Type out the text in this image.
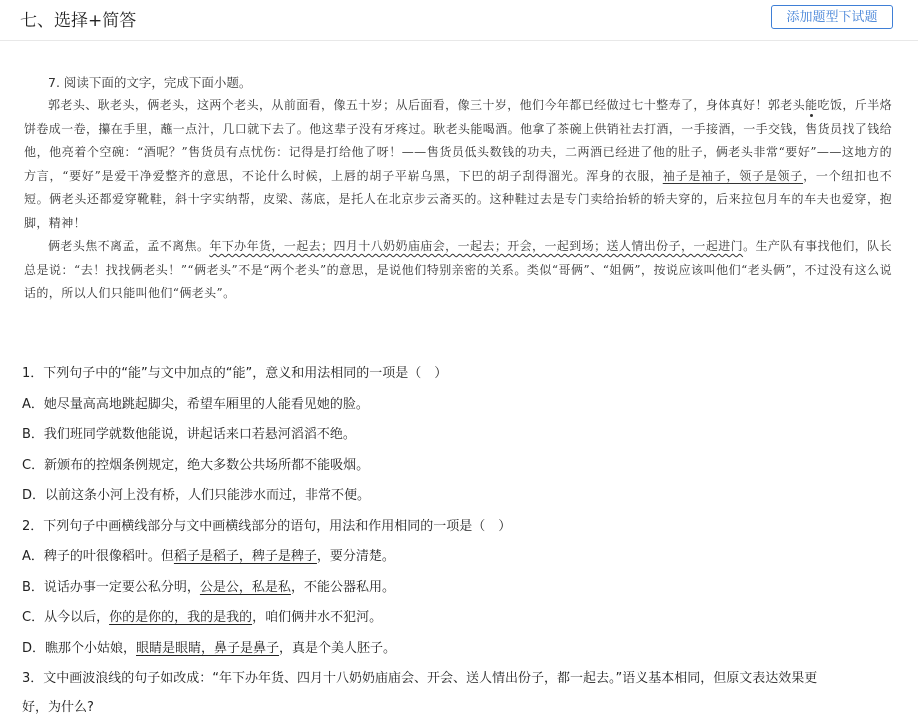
七、选择+简答	添加题型下试题
7. 阅读下面的文字，完成下面小题。

郭老头、耿老头，俩老头，这两个老头，从前面看，像五十岁；从后面看，像三十岁，他们今年都已经做过七十整寿了，身体真好！郭老头能吃饭，斤半烙饼卷成一卷，攥在手里，蘸一点汁，几口就下去了。他这辈子没有牙疼过。耿老头能喝酒。他拿了茶碗上供销社去打酒，一手接酒，一手交钱，售货员找了钱给他，他亮着个空碗：“酒呢？”售货员有点忧伤：记得是打给他了呀！——售货员低头数钱的功夫，二两酒已经进了他的肚子，俩老头非常“要好”——这地方的方言，“要好”是爱干净爱整齐的意思，不论什么时候，上唇的胡子平崭乌黑，下巴的胡子刮得溜光。浑身的衣服，袖子是袖子，领子是领子，一个纽扣也不短。俩老头还都爱穿靴鞋，斜十字实纳帮，皮梁、荡底，是托人在北京步云斋买的。这种鞋过去是专门卖给抬轿的轿夫穿的，后来拉包月车的车夫也爱穿，抱脚，精神！

俩老头焦不离孟，孟不离焦。年下办年货，一起去；四月十八奶奶庙庙会，一起去；开会，一起到场；送人情出份子，一起进门。生产队有事找他们，队长总是说：“去！找找俩老头！”“俩老头”不是“两个老头”的意思，是说他们特别亲密的关系。类似“哥俩”、“姐俩”，按说应该叫他们“老头俩”，不过没有这么说话的，所以人们只能叫他们“俩老头”。

1．下列句子中的“能”与文中加点的“能”，意义和用法相同的一项是（　）
A．她尽量高高地跳起脚尖，希望车厢里的人能看见她的脸。
B．我们班同学就数他能说，讲起话来口若悬河滔滔不绝。
C．新颁布的控烟条例规定，绝大多数公共场所都不能吸烟。
D．以前这条小河上没有桥，人们只能涉水而过，非常不便。
2．下列句子中画横线部分与文中画横线部分的语句，用法和作用相同的一项是（　）
A．稗子的叶很像稻叶。但稻子是稻子，稗子是稗子，要分清楚。
B．说话办事一定要公私分明，公是公，私是私，不能公器私用。
C．从今以后，你的是你的，我的是我的，咱们俩井水不犯河。
D．瞧那个小姑娘，眼睛是眼睛，鼻子是鼻子，真是个美人胚子。
3．文中画波浪线的句子如改成：“年下办年货、四月十八奶奶庙庙会、开会、送人情出份子，都一起去。”语义基本相同，但原文表达效果更
好，为什么?
